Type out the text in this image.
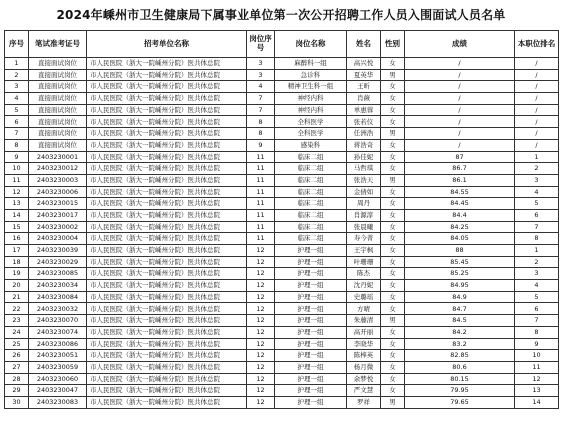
2024年嵊州市卫生健康局下属事业单位第一次公开招聘工作人员入围面试人员名单
序号	笔试准考证号	招考单位名称	岗位序号	岗位名称	姓名	性别	成绩	本职位排名
1	直接面试岗位	市人民医院（浙大一院嵊州分院）医共体总院	3	麻醉科一组	高兴悦	女	/	/
2	直接面试岗位	市人民医院（浙大一院嵊州分院）医共体总院	3	急诊科	夏英华	男	/	/
3	直接面试岗位	市人民医院（浙大一院嵊州分院）医共体总院	4	精神卫生科一组	王昕	女	/	/
4	直接面试岗位	市人民医院（浙大一院嵊州分院）医共体总院	7	神经内科	肖薇	女	/	/
5	直接面试岗位	市人民医院（浙大一院嵊州分院）医共体总院	7	神经内科	单惠蓉	女	/	/
6	直接面试岗位	市人民医院（浙大一院嵊州分院）医共体总院	8	全科医学	张若仪	女	/	/
7	直接面试岗位	市人民医院（浙大一院嵊州分院）医共体总院	8	全科医学	任洲浩	男	/	/
8	直接面试岗位	市人民医院（浙大一院嵊州分院）医共体总院	9	感染科	蒋浩奇	女	/	/
9	2403230001	市人民医院（浙大一院嵊州分院）医共体总院	11	临床二组	孙佳妮	女	87	1
10	2403230012	市人民医院（浙大一院嵊州分院）医共体总院	11	临床二组	马哲琪	女	86.7	2
11	2403230003	市人民医院（浙大一院嵊州分院）医共体总院	11	临床二组	张浩天	男	86.1	3
12	2403230006	市人民医院（浙大一院嵊州分院）医共体总院	11	临床二组	金倩如	女	84.55	4
13	2403230015	市人民医院（浙大一院嵊州分院）医共体总院	11	临床二组	周丹	女	84.45	5
14	2403230017	市人民医院（浙大一院嵊州分院）医共体总院	11	临床二组	肖源淳	女	84.4	6
15	2403230002	市人民医院（浙大一院嵊州分院）医共体总院	11	临床二组	张晨曦	女	84.25	7
16	2403230004	市人民医院（浙大一院嵊州分院）医共体总院	11	临床二组	寿今菁	女	84.05	8
17	2403230039	市人民医院（浙大一院嵊州分院）医共体总院	12	护理一组	王宇枫	女	88	1
18	2403230029	市人民医院（浙大一院嵊州分院）医共体总院	12	护理一组	叶珊珊	女	85.45	2
19	2403230085	市人民医院（浙大一院嵊州分院）医共体总院	12	护理一组	陈杰	女	85.25	3
20	2403230034	市人民医院（浙大一院嵊州分院）医共体总院	12	护理一组	沈丹妮	女	84.95	4
21	2403230084	市人民医院（浙大一院嵊州分院）医共体总院	12	护理一组	史璐瑶	女	84.9	5
22	2403230032	市人民医院（浙大一院嵊州分院）医共体总院	12	护理一组	方晴	女	84.7	6
23	2403230070	市人民医院（浙大一院嵊州分院）医共体总院	12	护理一组	朱藤清	男	84.5	7
24	2403230074	市人民医院（浙大一院嵊州分院）医共体总院	12	护理一组	高开丽	女	84.2	8
25	2403230086	市人民医院（浙大一院嵊州分院）医共体总院	12	护理一组	李晓华	女	83.2	9
26	2403230051	市人民医院（浙大一院嵊州分院）医共体总院	12	护理一组	陈棒英	女	82.85	10
27	2403230059	市人民医院（浙大一院嵊州分院）医共体总院	12	护理一组	杨月微	女	80.6	11
28	2403230060	市人民医院（浙大一院嵊州分院）医共体总院	12	护理一组	余梦悦	女	80.15	12
29	2403230047	市人民医院（浙大一院嵊州分院）医共体总院	12	护理一组	严文慧	女	79.95	13
30	2403230083	市人民医院（浙大一院嵊州分院）医共体总院	12	护理一组	罗祥	男	79.65	14
